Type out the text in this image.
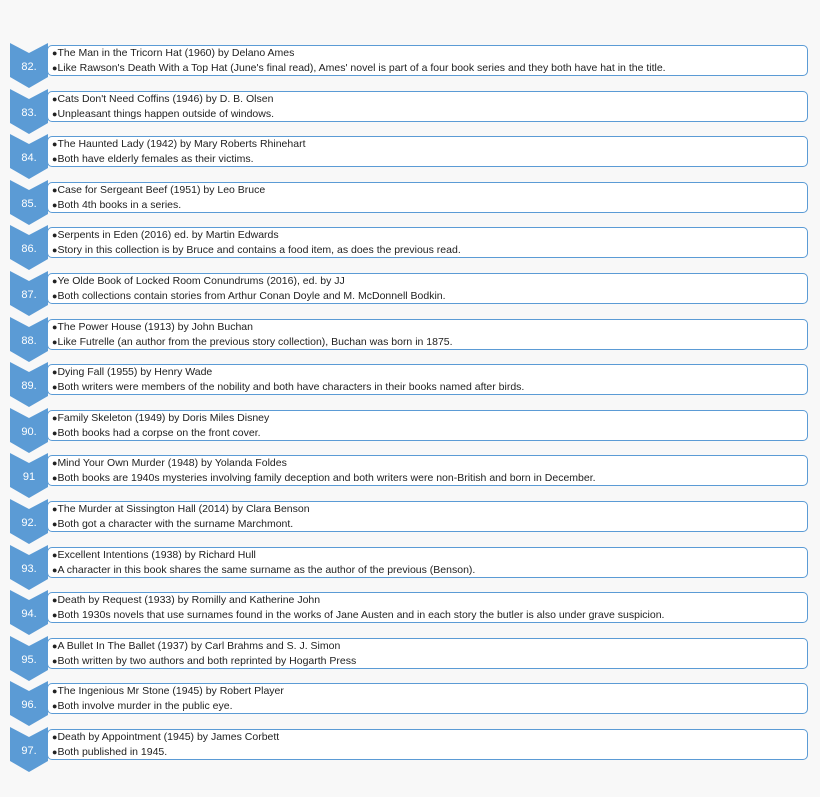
82.
●The Man in the Tricorn Hat (1960) by Delano Ames
●Like Rawson's Death With a Top Hat (June's final read), Ames' novel is part of a four book series and they both have hat in the title.
83.
●Cats Don't Need Coffins (1946) by D. B. Olsen
●Unpleasant things happen outside of windows.
84.
●The Haunted Lady (1942) by Mary Roberts Rhinehart
●Both have elderly females as their victims.
85.
●Case for Sergeant Beef (1951) by Leo Bruce
●Both 4th books in a series.
86.
●Serpents in Eden (2016) ed. by Martin Edwards
●Story in this collection is by Bruce and contains a food item, as does the previous read.
87.
●Ye Olde Book of Locked Room Conundrums (2016), ed. by JJ
●Both collections contain stories from Arthur Conan Doyle and M. McDonnell Bodkin.
88.
●The Power House (1913) by John Buchan
●Like Futrelle (an author from the previous story collection), Buchan was born in 1875.
89.
●Dying Fall (1955) by Henry Wade
●Both writers were members of the nobility and both have characters in their books named after birds.
90.
●Family Skeleton (1949) by Doris Miles Disney
●Both books had a corpse on the front cover.
91
●Mind Your Own Murder (1948) by Yolanda Foldes
●Both books are 1940s mysteries involving family deception and both writers were non-British and born in December.
92.
●The Murder at Sissington Hall (2014) by Clara Benson
●Both got a character with the surname Marchmont.
93.
●Excellent Intentions (1938) by Richard Hull
●A character in this book shares the same surname as the author of the previous (Benson).
94.
●Death by Request (1933) by Romilly and Katherine John
●Both 1930s novels that use surnames found in the works of Jane Austen and in each story the butler is also under grave suspicion.
95.
●A Bullet In The Ballet (1937) by Carl Brahms and S. J. Simon
●Both written by two authors and both reprinted by Hogarth Press
96.
●The Ingenious Mr Stone (1945) by Robert Player
●Both involve murder in the public eye.
97.
●Death by Appointment (1945) by James Corbett
●Both published in 1945.
